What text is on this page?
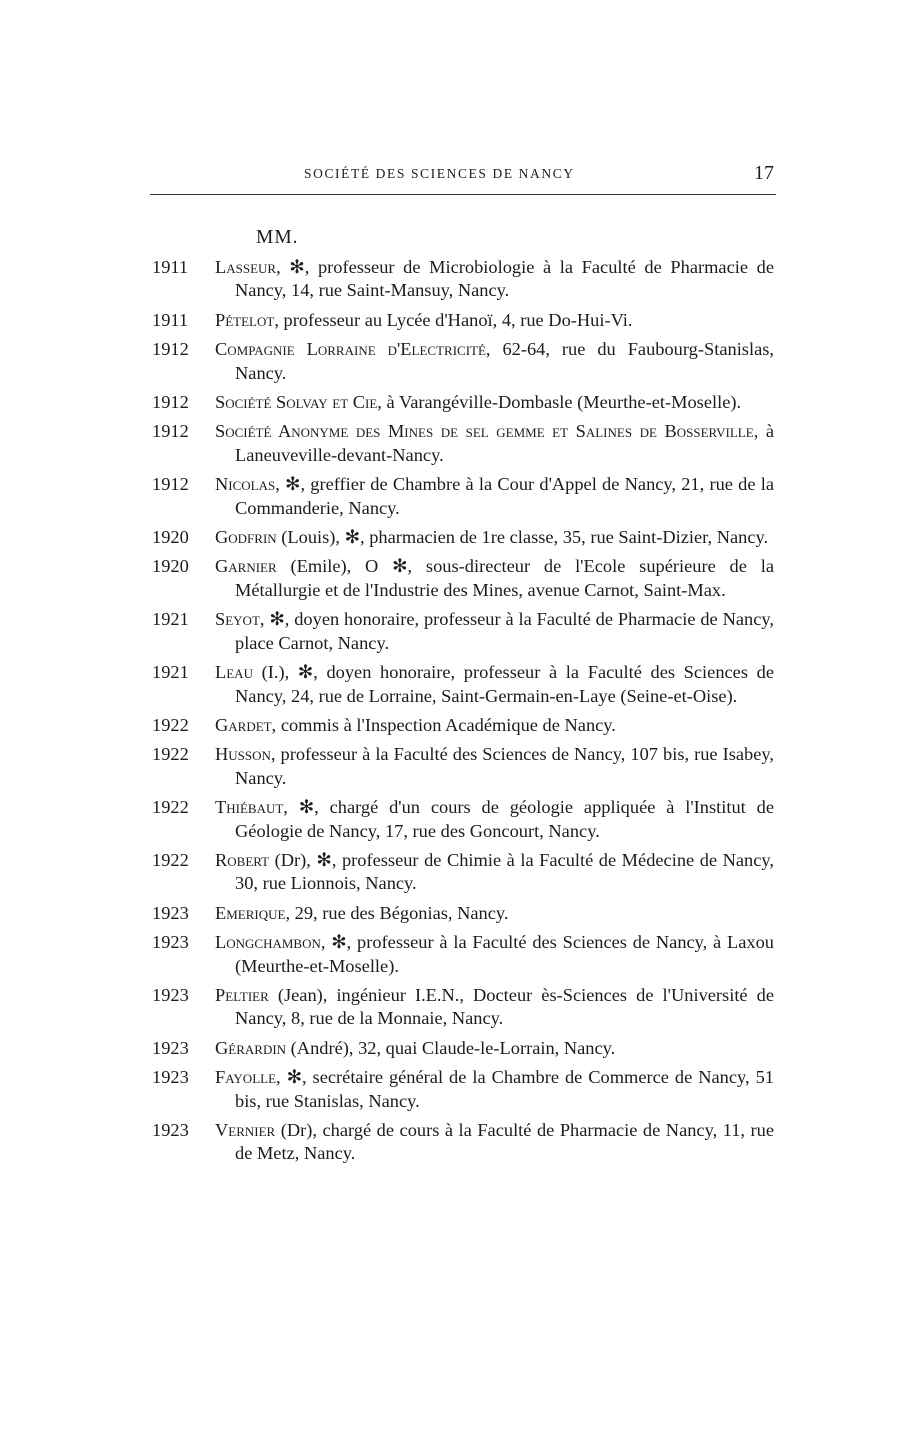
SOCIÉTÉ DES SCIENCES DE NANCY	17
MM.
1911	Lasseur, ✻, professeur de Microbiologie à la Faculté de Pharmacie de Nancy, 14, rue Saint-Mansuy, Nancy.
1911	Pételot, professeur au Lycée d'Hanoï, 4, rue Do-Hui-Vi.
1912	Compagnie Lorraine d'Electricité, 62-64, rue du Faubourg-Stanislas, Nancy.
1912	Société Solvay et Cie, à Varangéville-Dombasle (Meurthe-et-Moselle).
1912	Société Anonyme des Mines de sel gemme et Salines de Bosserville, à Laneuveville-devant-Nancy.
1912	Nicolas, ✻, greffier de Chambre à la Cour d'Appel de Nancy, 21, rue de la Commanderie, Nancy.
1920	Godfrin (Louis), ✻, pharmacien de 1re classe, 35, rue Saint-Dizier, Nancy.
1920	Garnier (Emile), O ✻, sous-directeur de l'Ecole supérieure de la Métallurgie et de l'Industrie des Mines, avenue Carnot, Saint-Max.
1921	Seyot, ✻, doyen honoraire, professeur à la Faculté de Pharmacie de Nancy, place Carnot, Nancy.
1921	Leau (I.), ✻, doyen honoraire, professeur à la Faculté des Sciences de Nancy, 24, rue de Lorraine, Saint-Germain-en-Laye (Seine-et-Oise).
1922	Gardet, commis à l'Inspection Académique de Nancy.
1922	Husson, professeur à la Faculté des Sciences de Nancy, 107 bis, rue Isabey, Nancy.
1922	Thiébaut, ✻, chargé d'un cours de géologie appliquée à l'Institut de Géologie de Nancy, 17, rue des Goncourt, Nancy.
1922	Robert (Dr), ✻, professeur de Chimie à la Faculté de Médecine de Nancy, 30, rue Lionnois, Nancy.
1923	Emerique, 29, rue des Bégonias, Nancy.
1923	Longchambon, ✻, professeur à la Faculté des Sciences de Nancy, à Laxou (Meurthe-et-Moselle).
1923	Peltier (Jean), ingénieur I.E.N., Docteur ès-Sciences de l'Université de Nancy, 8, rue de la Monnaie, Nancy.
1923	Gérardin (André), 32, quai Claude-le-Lorrain, Nancy.
1923	Fayolle, ✻, secrétaire général de la Chambre de Commerce de Nancy, 51 bis, rue Stanislas, Nancy.
1923	Vernier (Dr), chargé de cours à la Faculté de Pharmacie de Nancy, 11, rue de Metz, Nancy.
